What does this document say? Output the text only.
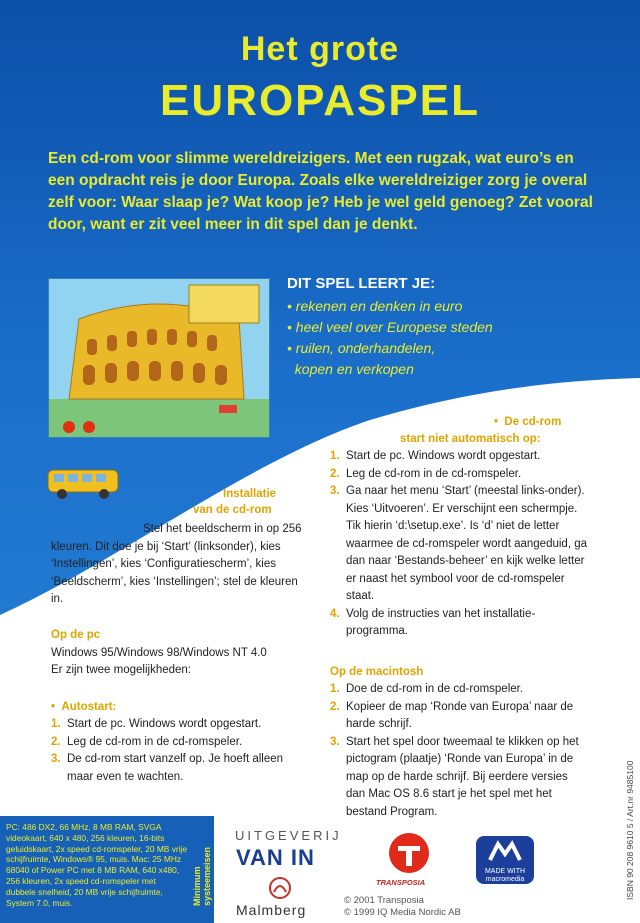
Het grote
EUROPASPEL
Een cd-rom voor slimme wereldreizigers. Met een rugzak, wat euro’s en een opdracht reis je door Europa. Zoals elke wereldreiziger zorg je overal zelf voor: Waar slaap je? Wat koop je? Heb je wel geld genoeg? Zet vooral door, want er zit veel meer in dit spel dan je denkt.
DIT SPEL LEERT JE:
• rekenen en denken in euro
• heel veel over Europese steden
• ruilen, onderhandelen,
kopen en verkopen
Installatie
van de cd-rom
Stel het beeldscherm in op 256 kleuren. Dit doe je bij ‘Start’ (linksonder), kies ‘Instellingen’, kies ‘Configuratiescherm’, kies ‘Beeldscherm’, kies ‘Instellingen’; stel de kleuren in.
Op de pc
Windows 95/Windows 98/Windows NT 4.0
Er zijn twee mogelijkheden:
•  Autostart:
1. Start de pc. Windows wordt opgestart.
2. Leg de cd-rom in de cd-romspeler.
3. De cd-rom start vanzelf op. Je hoeft alleen maar even te wachten.
•  De cd-rom
start niet automatisch op:
1. Start de pc. Windows wordt opgestart.
2. Leg de cd-rom in de cd-romspeler.
3. Ga naar het menu ‘Start’ (meestal links-onder). Kies ‘Uitvoeren’. Er verschijnt een schermpje. Tik hierin ‘d:\setup.exe’. Is ‘d’ niet de letter waarmee de cd-romspeler wordt aangeduid, ga dan naar ‘Bestands-beheer’ en kijk welke letter er naast het symbool voor de cd-romspeler staat.
4. Volg de instructies van het installatie-programma.
Op de macintosh
1. Doe de cd-rom in de cd-romspeler.
2. Kopieer de map ‘Ronde van Europa’ naar de harde schrijf.
3. Start het spel door tweemaal te klikken op het pictogram (plaatje) ‘Ronde van Europa’ in de map op de harde schrijf. Bij eerdere versies dan Mac OS 8.6 start je het spel met het bestand Program.
PC: 486 DX2, 66 MHz, 8 MB RAM, SVGA videokaart, 640 x 480, 256 kleuren, 16-bits geluidskaart, 2x speed cd-romspeler, 20 MB vrije schijfruimte, Windows® 95, muis. Mac: 25 MHz 68040 of Power PC met 8 MB RAM, 640 x480, 256 kleuren, 2x speed cd-romspeler met dubbele snelheid, 20 MB vrije schijfruimte, System 7.0, muis.	Minimum systeemeisen
UITGEVERIJ
VAN IN
Malmberg
TRANSPOSIA
MADE WITH macromedia
© 2001 Transposia
© 1999 IQ Media Nordic AB
ISBN 90 208 9610 5 / Art.nr 9485100
